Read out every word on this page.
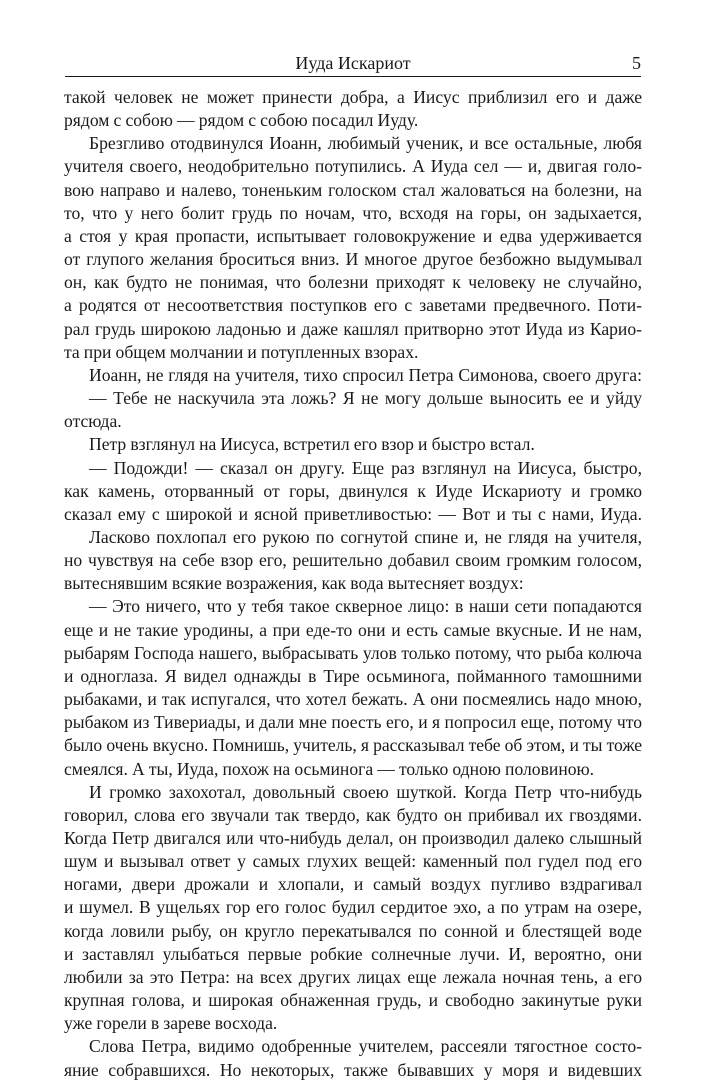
Иуда Искариот	5

такой человек не может принести добра, а Иисус приблизил его и даже

рядом с собою — рядом с собою посадил Иуду.

Брезгливо отодвинулся Иоанн, любимый ученик, и все остальные, любя

учителя своего, неодобрительно потупились. А Иуда сел — и, двигая голо-

вою направо и налево, тоненьким голоском стал жаловаться на болезни, на

то, что у него болит грудь по ночам, что, всходя на горы, он задыхается,

а стоя у края пропасти, испытывает головокружение и едва удерживается

от глупого желания броситься вниз. И многое другое безбожно выдумывал

он, как будто не понимая, что болезни приходят к человеку не случайно,

а родятся от несоответствия поступков его с заветами предвечного. Поти-

рал грудь широкою ладонью и даже кашлял притворно этот Иуда из Карио-

та при общем молчании и потупленных взорах.

Иоанн, не глядя на учителя, тихо спросил Петра Симонова, своего друга:

— Тебе не наскучила эта ложь? Я не могу дольше выносить ее и уйду

отсюда.

Петр взглянул на Иисуса, встретил его взор и быстро встал.

— Подожди! — сказал он другу. Еще раз взглянул на Иисуса, быстро,

как камень, оторванный от горы, двинулся к Иуде Искариоту и громко

сказал ему с широкой и ясной приветливостью: — Вот и ты с нами, Иуда.

Ласково похлопал его рукою по согнутой спине и, не глядя на учителя,

но чувствуя на себе взор его, решительно добавил своим громким голосом,

вытеснявшим всякие возражения, как вода вытесняет воздух:

— Это ничего, что у тебя такое скверное лицо: в наши сети попадаются

еще и не такие уродины, а при еде-то они и есть самые вкусные. И не нам,

рыбарям Господа нашего, выбрасывать улов только потому, что рыба колюча

и одноглаза. Я видел однажды в Тире осьминога, пойманного тамошними

рыбаками, и так испугался, что хотел бежать. А они посмеялись надо мною,

рыбаком из Тивериады, и дали мне поесть его, и я попросил еще, потому что

было очень вкусно. Помнишь, учитель, я рассказывал тебе об этом, и ты тоже

смеялся. А ты, Иуда, похож на осьминога — только одною половиною.

И громко захохотал, довольный своею шуткой. Когда Петр что-нибудь

говорил, слова его звучали так твердо, как будто он прибивал их гвоздями.

Когда Петр двигался или что-нибудь делал, он производил далеко слышный

шум и вызывал ответ у самых глухих вещей: каменный пол гудел под его

ногами, двери дрожали и хлопали, и самый воздух пугливо вздрагивал

и шумел. В ущельях гор его голос будил сердитое эхо, а по утрам на озере,

когда ловили рыбу, он кругло перекатывался по сонной и блестящей воде

и заставлял улыбаться первые робкие солнечные лучи. И, вероятно, они

любили за это Петра: на всех других лицах еще лежала ночная тень, а его

крупная голова, и широкая обнаженная грудь, и свободно закинутые руки

уже горели в зареве восхода.

Слова Петра, видимо одобренные учителем, рассеяли тягостное состо-

яние собравшихся. Но некоторых, также бывавших у моря и видевших
